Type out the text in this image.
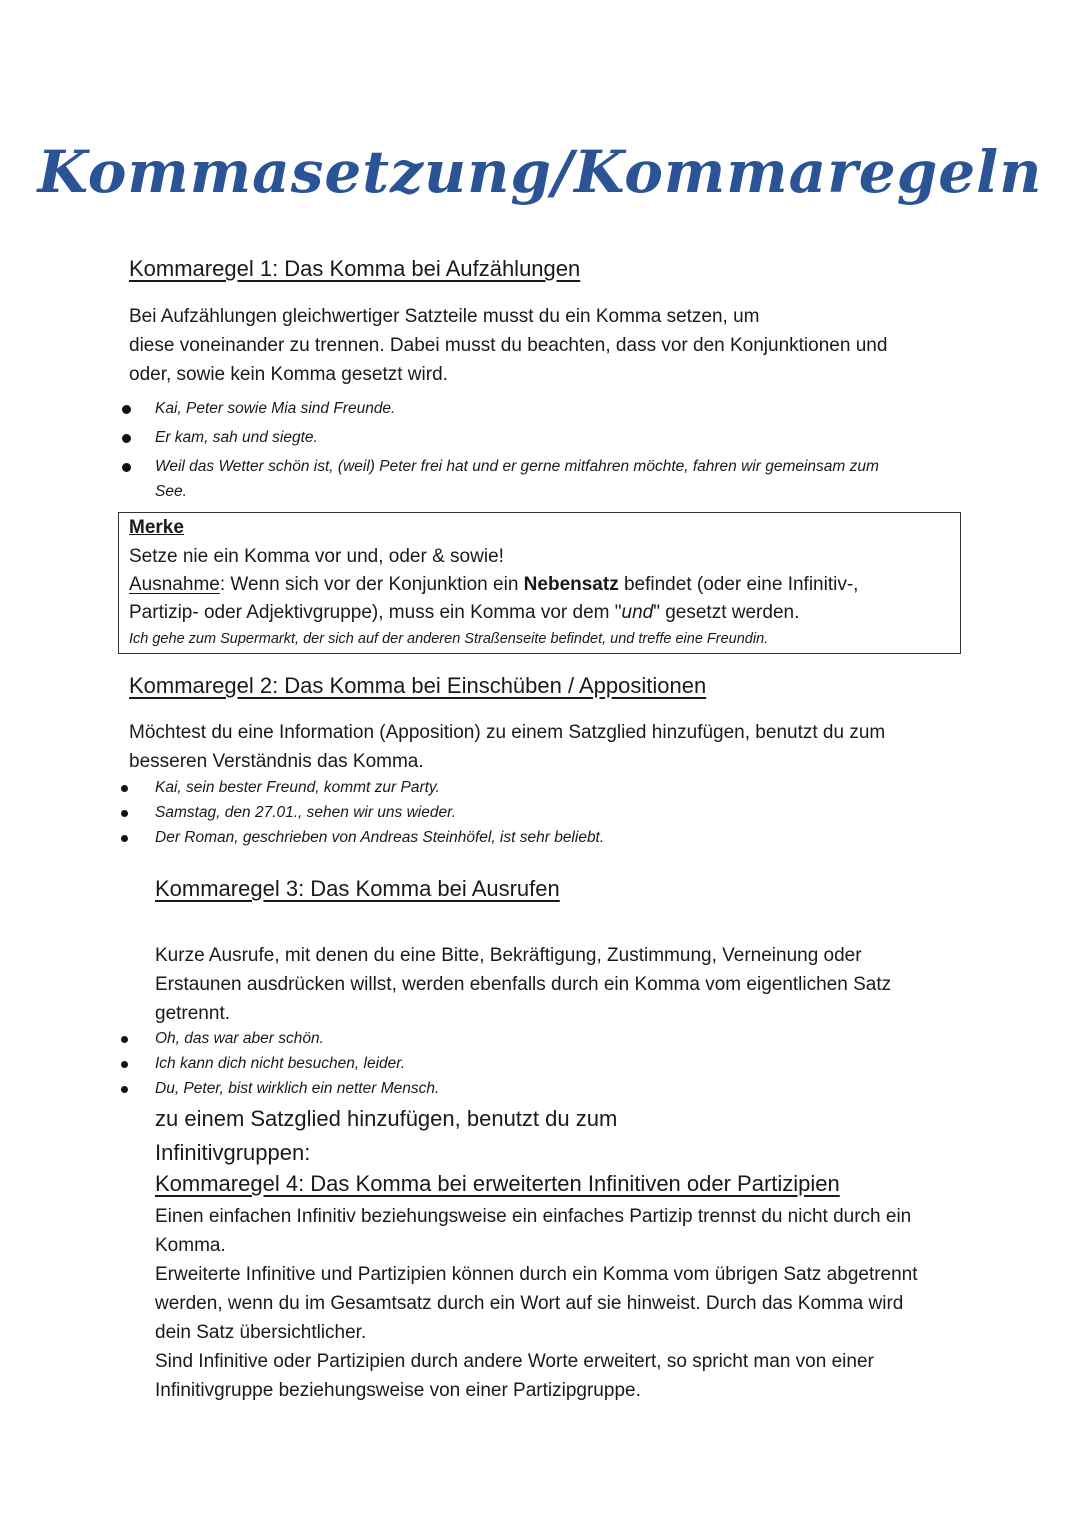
Kommasetzung/Kommaregeln
Kommaregel 1: Das Komma bei Aufzählungen
Bei Aufzählungen gleichwertiger Satzteile musst du ein Komma setzen, um
diese voneinander zu trennen. Dabei musst du beachten, dass vor den Konjunktionen und
oder, sowie kein Komma gesetzt wird.
Kai, Peter sowie Mia sind Freunde.
Er kam, sah und siegte.
Weil das Wetter schön ist, (weil) Peter frei hat und er gerne mitfahren möchte, fahren wir gemeinsam zum
See.

Merke

Setze nie ein Komma vor und, oder & sowie!

Ausnahme: Wenn sich vor der Konjunktion ein Nebensatz befindet (oder eine Infinitiv-,

Partizip- oder Adjektivgruppe), muss ein Komma vor dem "und" gesetzt werden.

Ich gehe zum Supermarkt, der sich auf der anderen Straßenseite befindet, und treffe eine Freundin.

Kommaregel 2: Das Komma bei Einschüben / Appositionen
Möchtest du eine Information (Apposition) zu einem Satzglied hinzufügen, benutzt du zum
besseren Verständnis das Komma.
Kai, sein bester Freund, kommt zur Party.
Samstag, den 27.01., sehen wir uns wieder.
Der Roman, geschrieben von Andreas Steinhöfel, ist sehr beliebt.
Kommaregel 3: Das Komma bei Ausrufen
Kurze Ausrufe, mit denen du eine Bitte, Bekräftigung, Zustimmung, Verneinung oder
Erstaunen ausdrücken willst, werden ebenfalls durch ein Komma vom eigentlichen Satz
getrennt.
Oh, das war aber schön.
Ich kann dich nicht besuchen, leider.
Du, Peter, bist wirklich ein netter Mensch.
zu einem Satzglied hinzufügen, benutzt du zum
Infinitivgruppen:
Kommaregel 4: Das Komma bei erweiterten Infinitiven oder Partizipien
Einen einfachen Infinitiv beziehungsweise ein einfaches Partizip trennst du nicht durch ein
Komma.
Erweiterte Infinitive und Partizipien können durch ein Komma vom übrigen Satz abgetrennt
werden, wenn du im Gesamtsatz durch ein Wort auf sie hinweist. Durch das Komma wird
dein Satz übersichtlicher.
Sind Infinitive oder Partizipien durch andere Worte erweitert, so spricht man von einer
Infinitivgruppe beziehungsweise von einer Partizipgruppe.
